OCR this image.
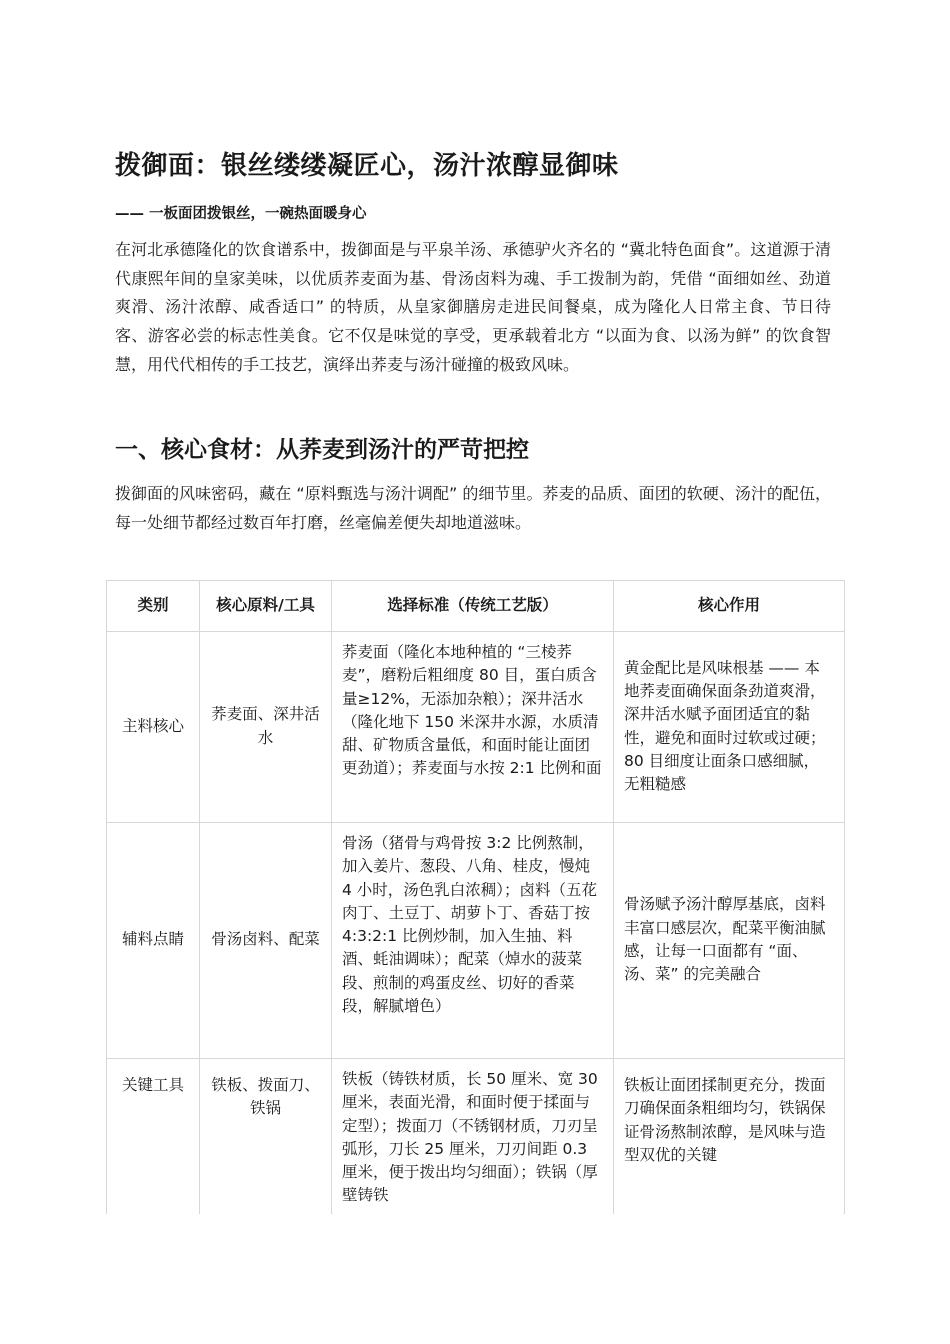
拨御面：银丝缕缕凝匠心，汤汁浓醇显御味

—— 一板面团拨银丝，一碗热面暖身心

在河北承德隆化的饮食谱系中，拨御面是与平泉羊汤、承德驴火齐名的 “冀北特色面食”。这道源于清代康熙年间的皇家美味，以优质荞麦面为基、骨汤卤料为魂、手工拨制为韵，凭借 “面细如丝、劲道爽滑、汤汁浓醇、咸香适口” 的特质，从皇家御膳房走进民间餐桌，成为隆化人日常主食、节日待客、游客必尝的标志性美食。它不仅是味觉的享受，更承载着北方 “以面为食、以汤为鲜” 的饮食智慧，用代代相传的手工技艺，演绎出荞麦与汤汁碰撞的极致风味。

一、核心食材：从荞麦到汤汁的严苛把控

拨御面的风味密码，藏在 “原料甄选与汤汁调配” 的细节里。荞麦的品质、面团的软硬、汤汁的配伍，每一处细节都经过数百年打磨，丝毫偏差便失却地道滋味。

类别	核心原料/工具	选择标准（传统工艺版）	核心作用

主料核心	荞麦面、深井活水	荞麦面（隆化本地种植的 “三棱荞麦”，磨粉后粗细度 80 目，蛋白质含量≥12%，无添加杂粮）；深井活水（隆化地下 150 米深井水源，水质清甜、矿物质含量低，和面时能让面团更劲道）；荞麦面与水按 2:1 比例和面	黄金配比是风味根基 —— 本地荞麦面确保面条劲道爽滑，深井活水赋予面团适宜的黏性，避免和面时过软或过硬；80 目细度让面条口感细腻，无粗糙感

辅料点睛	骨汤卤料、配菜	骨汤（猪骨与鸡骨按 3:2 比例熬制，加入姜片、葱段、八角、桂皮，慢炖 4 小时，汤色乳白浓稠）；卤料（五花肉丁、土豆丁、胡萝卜丁、香菇丁按 4:3:2:1 比例炒制，加入生抽、料酒、蚝油调味）；配菜（焯水的菠菜段、煎制的鸡蛋皮丝、切好的香菜段，解腻增色）	骨汤赋予汤汁醇厚基底，卤料丰富口感层次，配菜平衡油腻感，让每一口面都有 “面、汤、菜” 的完美融合

关键工具	铁板、拨面刀、铁锅	铁板（铸铁材质，长 50 厘米、宽 30 厘米，表面光滑，和面时便于揉面与定型）；拨面刀（不锈钢材质，刀刃呈弧形，刀长 25 厘米，刀刃间距 0.3 厘米，便于拨出均匀细面）；铁锅（厚壁铸铁	铁板让面团揉制更充分，拨面刀确保面条粗细均匀，铁锅保证骨汤熬制浓醇，是风味与造型双优的关键
